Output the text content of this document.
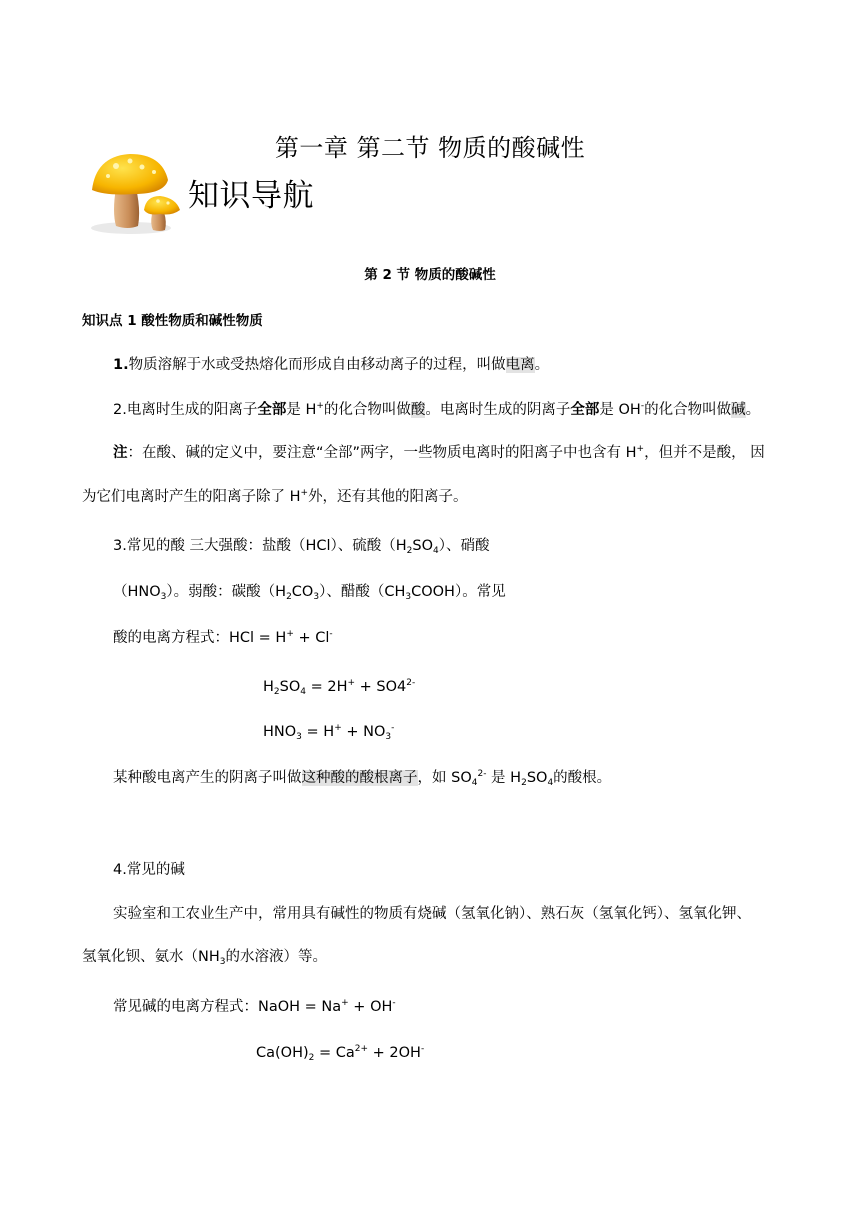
第一章 第二节 物质的酸碱性
知识导航
第 2 节 物质的酸碱性
知识点 1 酸性物质和碱性物质
1.物质溶解于水或受热熔化而形成自由移动离子的过程，叫做电离。
2.电离时生成的阳离子全部是 H+的化合物叫做酸。电离时生成的阴离子全部是 OH-的化合物叫做碱。
注：在酸、碱的定义中，要注意“全部”两字，一些物质电离时的阳离子中也含有 H+，但并不是酸， 因
为它们电离时产生的阳离子除了 H+外，还有其他的阳离子。
3.常见的酸 三大强酸：盐酸（HCl）、硫酸$(H_2SO_4)$、硝酸
$(HNO_3)$。弱酸：碳酸$(H_2CO_3)$、醋酸$(CH_3COOH)$。常见
酸的电离方程式：HCl = H+ + Cl-
$H_2SO_4 = 2H^+ + SO4^{2-}$
$HNO_3 = H^+ + NO_3^-$
某种酸电离产生的阴离子叫做这种酸的酸根离子，如 $SO_4^{2-}$ 是 $H_2SO_4$的酸根。
4.常见的碱
实验室和工农业生产中，常用具有碱性的物质有烧碱（氢氧化钠）、熟石灰（氢氧化钙）、氢氧化钾、
氢氧化钡、氨水（$NH_3$的水溶液）等。
常见碱的电离方程式：NaOH = Na+ + OH-
$Ca(OH)_2 = Ca^{2+} + 2OH^-$
